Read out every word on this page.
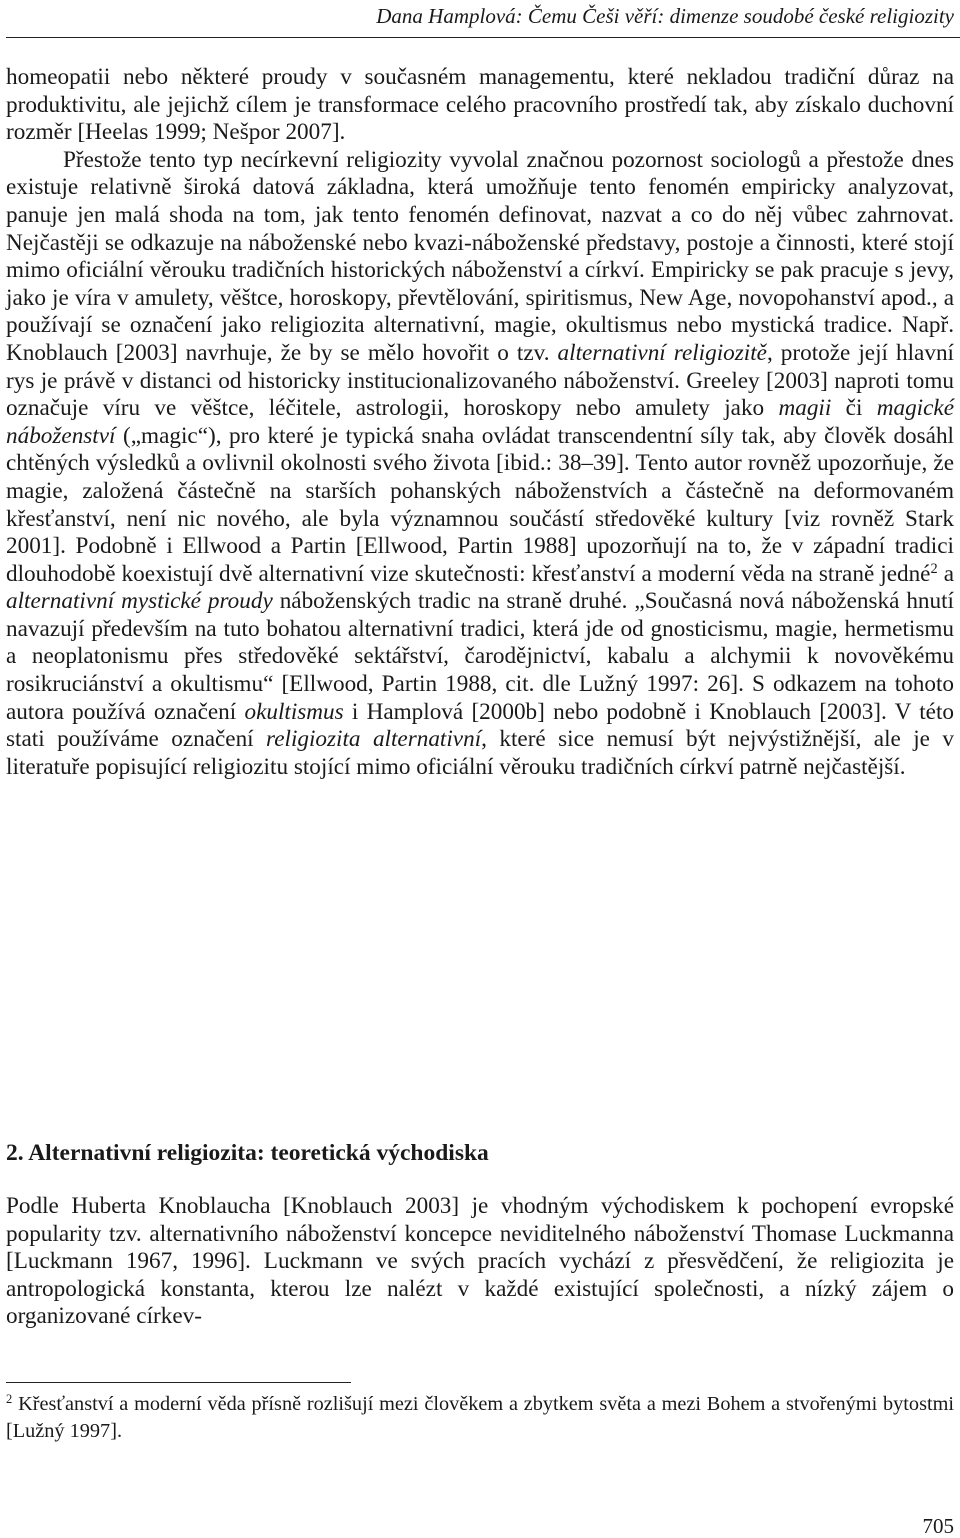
Dana Hamplová: Čemu Češi věří: dimenze soudobé české religiozity

homeopatii nebo některé proudy v současném managementu, které nekladou tradiční důraz na produktivitu, ale jejichž cílem je transformace celého pracovního prostředí tak, aby získalo duchovní rozměr [Heelas 1999; Nešpor 2007].

Přestože tento typ necírkevní religiozity vyvolal značnou pozornost sociologů a přestože dnes existuje relativně široká datová základna, která umožňuje tento fenomén empiricky analyzovat, panuje jen malá shoda na tom, jak tento fenomén definovat, nazvat a co do něj vůbec zahrnovat. Nejčastěji se odkazuje na náboženské nebo kvazi-náboženské představy, postoje a činnosti, které stojí mimo oficiální věrouku tradičních historických náboženství a církví. Empiricky se pak pracuje s jevy, jako je víra v amulety, věštce, horoskopy, převtělování, spiritismus, New Age, novopohanství apod., a používají se označení jako religiozita alternativní, magie, okultismus nebo mystická tradice. Např. Knoblauch [2003] navrhuje, že by se mělo hovořit o tzv. alternativní religiozitě, protože její hlavní rys je právě v distanci od historicky institucionalizovaného náboženství. Greeley [2003] naproti tomu označuje víru ve věštce, léčitele, astrologii, horoskopy nebo amulety jako magii či magické náboženství („magic“), pro které je typická snaha ovládat transcendentní síly tak, aby člověk dosáhl chtěných výsledků a ovlivnil okolnosti svého života [ibid.: 38–39]. Tento autor rovněž upozorňuje, že magie, založená částečně na starších pohanských náboženstvích a částečně na deformovaném křesťanství, není nic nového, ale byla významnou součástí středověké kultury [viz rovněž Stark 2001]. Podobně i Ellwood a Partin [Ellwood, Partin 1988] upozorňují na to, že v západní tradici dlouhodobě koexistují dvě alternativní vize skutečnosti: křesťanství a moderní věda na straně jedné$^2$ a alternativní mystické proudy náboženských tradic na straně druhé. „Současná nová náboženská hnutí navazují především na tuto bohatou alternativní tradici, která jde od gnosticismu, magie, hermetismu a neoplatonismu přes středověké sektářství, čarodějnictví, kabalu a alchymii k novověkému rosikruciánství a okultismu“ [Ellwood, Partin 1988, cit. dle Lužný 1997: 26]. S odkazem na tohoto autora používá označení okultismus i Hamplová [2000b] nebo podobně i Knoblauch [2003]. V této stati používáme označení religiozita alternativní, které sice nemusí být nejvýstižnější, ale je v literatuře popisující religiozitu stojící mimo oficiální věrouku tradičních církví patrně nejčastější.

2. Alternativní religiozita: teoretická východiska

Podle Huberta Knoblaucha [Knoblauch 2003] je vhodným východiskem k pochopení evropské popularity tzv. alternativního náboženství koncepce neviditelného náboženství Thomase Luckmanna [Luckmann 1967, 1996]. Luckmann ve svých pracích vychází z přesvědčení, že religiozita je antropologická konstanta, kterou lze nalézt v každé existující společnosti, a nízký zájem o organizované církev-

$^2$ Křesťanství a moderní věda přísně rozlišují mezi člověkem a zbytkem světa a mezi Bohem a stvořenými bytostmi [Lužný 1997].
705
